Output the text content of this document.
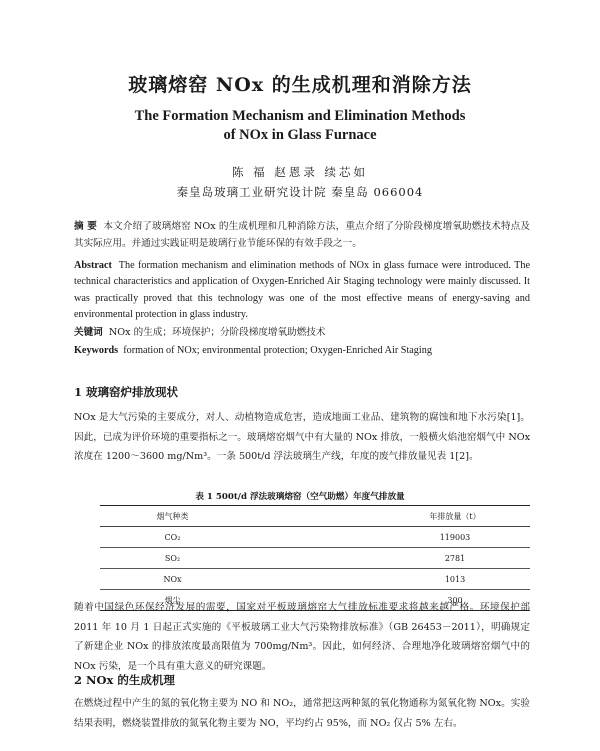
玻璃熔窑 NOx 的生成机理和消除方法
The Formation Mechanism and Elimination Methods
of NOx in Glass Furnace
陈 福 赵恩录 续芯如
秦皇岛玻璃工业研究设计院 秦皇岛 066004
摘 要 本文介绍了玻璃熔窑 NOx 的生成机理和几种消除方法，重点介绍了分阶段梯度增氧助燃技术特点及其实际应用。并通过实践证明是玻璃行业节能环保的有效手段之一。
Abstract The formation mechanism and elimination methods of NOx in glass furnace were introduced. The technical characteristics and application of Oxygen-Enriched Air Staging technology were mainly discussed. It was practically proved that this technology was one of the most effective means of energy-saving and environmental protection in glass industry.
关键词 NOx 的生成；环境保护；分阶段梯度增氧助燃技术
Keywords formation of NOx; environmental protection; Oxygen-Enriched Air Staging
1 玻璃窑炉排放现状
NOx 是大气污染的主要成分，对人、动植物造成危害，造成地面工业品、建筑物的腐蚀和地下水污染[1]。因此，已成为评价环境的重要指标之一。玻璃熔窑烟气中有大量的 NOx 排放，一般横火焰池窑烟气中 NOx 浓度在 1200～3600 mg/Nm³。一条 500t/d 浮法玻璃生产线，年度的废气排放量见表 1[2]。
表 1 500t/d 浮法玻璃熔窑（空气助燃）年度气排放量
烟气种类		年排放量（t）
CO₂		119003
SO₂		2781
NOx		1013
烟尘		300
随着中国绿色环保经济发展的需要，国家对平板玻璃熔窑大气排放标准要求将越来越严格。环境保护部 2011 年 10 月 1 日起正式实施的《平板玻璃工业大气污染物排放标准》（GB 26453－2011），明确规定了新建企业 NOx 的排放浓度最高限值为 700mg/Nm³。因此，如何经济、合理地净化玻璃熔窑烟气中的 NOx 污染，是一个具有重大意义的研究课题。
2 NOx 的生成机理
在燃烧过程中产生的氮的氧化物主要为 NO 和 NO₂，通常把这两种氮的氧化物通称为氮氧化物 NOx。实验结果表明，燃烧装置排放的氮氧化物主要为 NO，平均约占 95%，而 NO₂ 仅占 5% 左右。
